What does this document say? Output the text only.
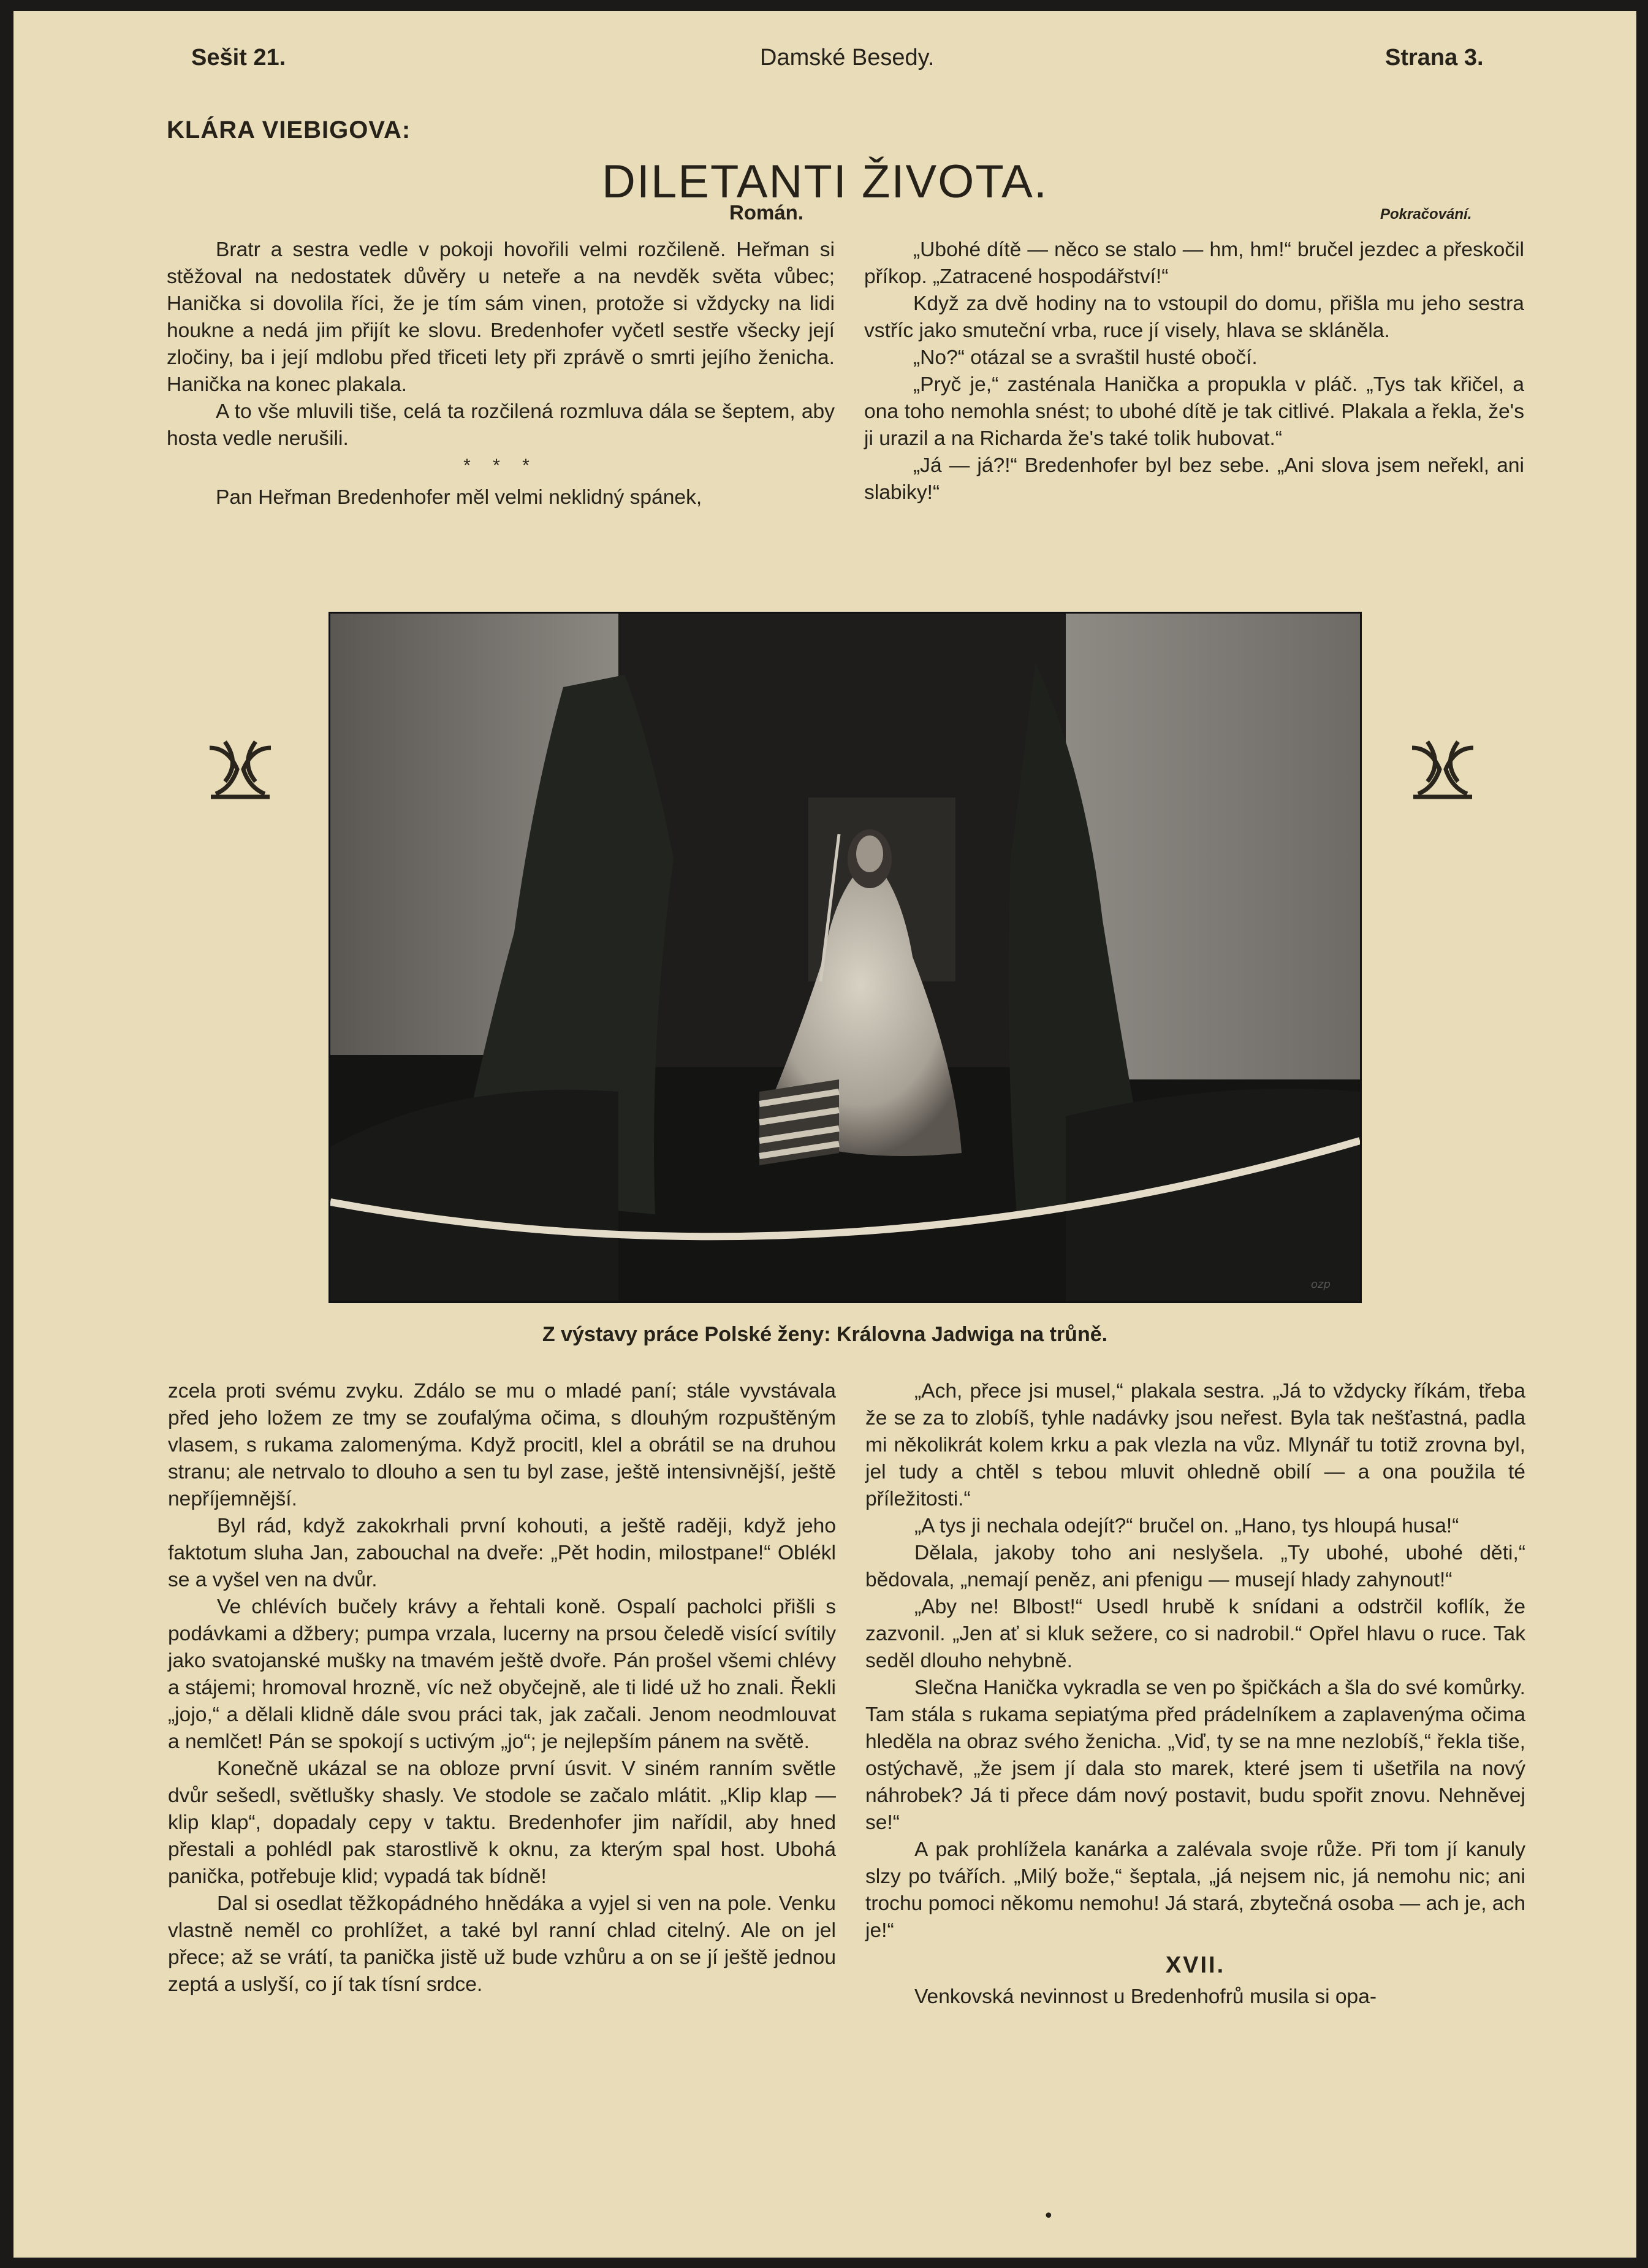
Sešit 21.	Damské Besedy.	Strana 3.
KLÁRA VIEBIGOVA:
DILETANTI ŽIVOTA.
Román.	Pokračování.

Bratr a sestra vedle v pokoji hovořili velmi rozčileně. Heřman si stěžoval na nedostatek důvěry u neteře a na nevděk světa vůbec; Hanička si dovolila říci, že je tím sám vinen, protože si vždycky na lidi houkne a nedá jim přijít ke slovu. Bredenhofer vyčetl sestře všecky její zločiny, ba i její mdlobu před třiceti lety při zprávě o smrti jejího ženicha. Hanička na konec plakala.

A to vše mluvili tiše, celá ta rozčilená rozmluva dála se šeptem, aby hosta vedle nerušili.

* * *

Pan Heřman Bredenhofer měl velmi neklidný spánek,

„Ubohé dítě — něco se stalo — hm, hm!“ bručel jezdec a přeskočil příkop. „Zatracené hospodářství!“

Když za dvě hodiny na to vstoupil do domu, přišla mu jeho sestra vstříc jako smuteční vrba, ruce jí visely, hlava se skláněla.

„No?“ otázal se a svraštil husté obočí.

„Pryč je,“ zasténala Hanička a propukla v pláč. „Tys tak křičel, a ona toho nemohla snést; to ubohé dítě je tak citlivé. Plakala a řekla, že's ji urazil a na Richarda že's také tolik hubovat.“

„Já — já?!“ Bredenhofer byl bez sebe. „Ani slova jsem neřekl, ani slabiky!“

ozp
Z výstavy práce Polské ženy: Královna Jadwiga na trůně.

zcela proti svému zvyku. Zdálo se mu o mladé paní; stále vyvstávala před jeho ložem ze tmy se zoufalýma očima, s dlouhým rozpuštěným vlasem, s rukama zalomenýma. Když procitl, klel a obrátil se na druhou stranu; ale netrvalo to dlouho a sen tu byl zase, ještě intensivnější, ještě nepříjemnější.

Byl rád, když zakokrhali první kohouti, a ještě raději, když jeho faktotum sluha Jan, zabouchal na dveře: „Pět hodin, milostpane!“ Oblékl se a vyšel ven na dvůr.

Ve chlévích bučely krávy a řehtali koně. Ospalí pacholci přišli s podávkami a džbery; pumpa vrzala, lucerny na prsou čeledě visící svítily jako svatojanské mušky na tmavém ještě dvoře. Pán prošel všemi chlévy a stájemi; hromoval hrozně, víc než obyčejně, ale ti lidé už ho znali. Řekli „jojo,“ a dělali klidně dále svou práci tak, jak začali. Jenom neodmlouvat a nemlčet! Pán se spokojí s uctivým „jo“; je nejlepším pánem na světě.

Konečně ukázal se na obloze první úsvit. V siném ranním světle dvůr sešedl, světlušky shasly. Ve stodole se začalo mlátit. „Klip klap — klip klap“, dopadaly cepy v taktu. Bredenhofer jim nařídil, aby hned přestali a pohlédl pak starostlivě k oknu, za kterým spal host. Ubohá panička, potřebuje klid; vypadá tak bídně!

Dal si osedlat těžkopádného hnědáka a vyjel si ven na pole. Venku vlastně neměl co prohlížet, a také byl ranní chlad citelný. Ale on jel přece; až se vrátí, ta panička jistě už bude vzhůru a on se jí ještě jednou zeptá a uslyší, co jí tak tísní srdce.

„Ach, přece jsi musel,“ plakala sestra. „Já to vždycky říkám, třeba že se za to zlobíš, tyhle nadávky jsou neřest. Byla tak nešťastná, padla mi několikrát kolem krku a pak vlezla na vůz. Mlynář tu totiž zrovna byl, jel tudy a chtěl s tebou mluvit ohledně obilí — a ona použila té příležitosti.“

„A tys ji nechala odejít?“ bručel on. „Hano, tys hloupá husa!“

Dělala, jakoby toho ani neslyšela. „Ty ubohé, ubohé děti,“ bědovala, „nemají peněz, ani pfenigu — musejí hlady zahynout!“

„Aby ne! Blbost!“ Usedl hrubě k snídani a odstrčil koflík, že zazvonil. „Jen ať si kluk sežere, co si nadrobil.“ Opřel hlavu o ruce. Tak seděl dlouho nehybně.

Slečna Hanička vykradla se ven po špičkách a šla do své komůrky. Tam stála s rukama sepiatýma před prádelníkem a zaplavenýma očima hleděla na obraz svého ženicha. „Viď, ty se na mne nezlobíš,“ řekla tiše, ostýchavě, „že jsem jí dala sto marek, které jsem ti ušetřila na nový náhrobek? Já ti přece dám nový postavit, budu spořit znovu. Nehněvej se!“

A pak prohlížela kanárka a zalévala svoje růže. Při tom jí kanuly slzy po tvářích. „Milý bože,“ šeptala, „já nejsem nic, já nemohu nic; ani trochu pomoci někomu nemohu! Já stará, zbytečná osoba — ach je, ach je!“

XVII.

Venkovská nevinnost u Bredenhofrů musila si opa-

•
